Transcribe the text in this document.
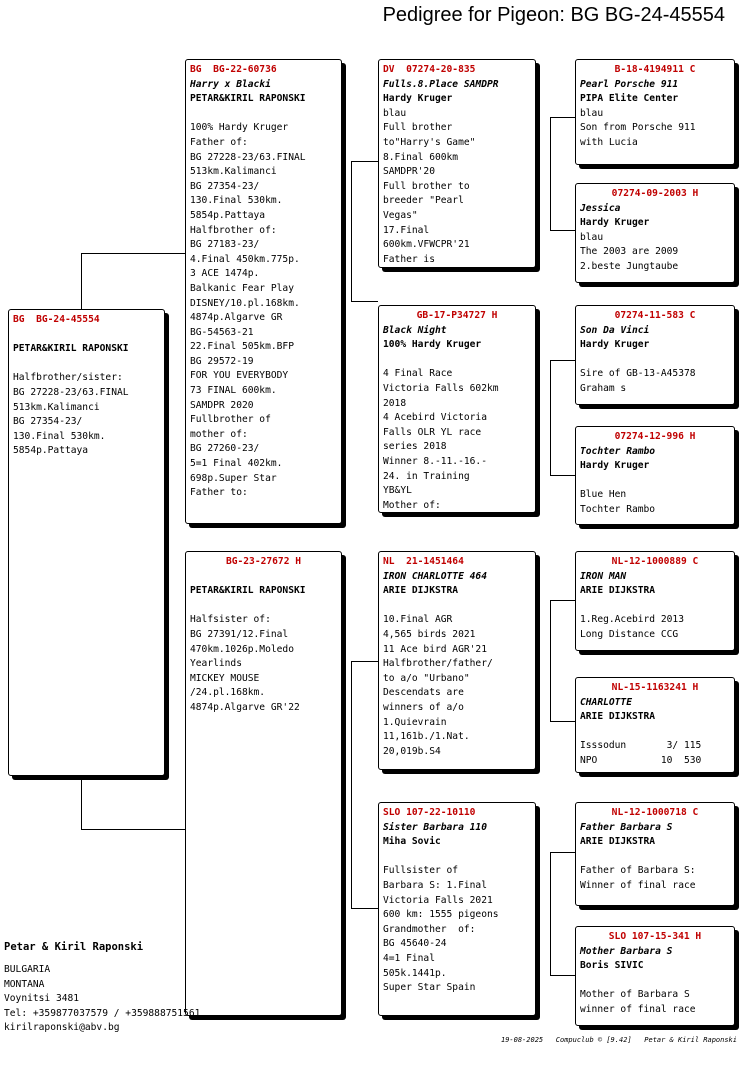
Pedigree for Pigeon: BG BG-24-45554
BG  BG-24-45554
PETAR&KIRIL RAPONSKI
Halfbrother/sister:
BG 27228-23/63.FINAL
513km.Kalimanci
BG 27354-23/
130.Final 530km.
5854p.Pattaya
BG  BG-22-60736
Harry x Blacki
PETAR&KIRIL RAPONSKI
100% Hardy Kruger
Father of:
BG 27228-23/63.FINAL
513km.Kalimanci
BG 27354-23/
130.Final 530km.
5854p.Pattaya
Halfbrother of:
BG 27183-23/
4.Final 450km.775p.
3 ACE 1474p.
Balkanic Fear Play
DISNEY/10.pl.168km.
4874p.Algarve GR
BG-54563-21
22.Final 505km.BFP
BG 29572-19
FOR YOU EVERYBODY
73 FINAL 600km.
SAMDPR 2020
Fullbrother of
mother of:
BG 27260-23/
5=1 Final 402km.
698p.Super Star
Father to:
BG-23-27672 H
PETAR&KIRIL RAPONSKI
Halfsister of:
BG 27391/12.Final
470km.1026p.Moledo
Yearlinds
MICKEY MOUSE
/24.pl.168km.
4874p.Algarve GR'22
DV  07274-20-835
Fulls.8.Place SAMDPR
Hardy Kruger
blau
Full brother
to"Harry's Game"
8.Final 600km
SAMDPR'20
Full brother to
breeder "Pearl
Vegas"
17.Final
600km.VFWCPR'21
Father is
GB-17-P34727 H
Black Night
100% Hardy Kruger
4 Final Race
Victoria Falls 602km
2018
4 Acebird Victoria
Falls OLR YL race
series 2018
Winner 8.-11.-16.-
24. in Training
YB&YL
Mother of:
NL  21-1451464
IRON CHARLOTTE 464
ARIE DIJKSTRA
10.Final AGR
4,565 birds 2021
11 Ace bird AGR'21
Halfbrother/father/
to a/o "Urbano"
Descendats are
winners of a/o
1.Quievrain
11,161b./1.Nat.
20,019b.S4
SLO 107-22-10110
Sister Barbara 110
Miha Sovic
Fullsister of
Barbara S: 1.Final
Victoria Falls 2021
600 km: 1555 pigeons
Grandmother  of:
BG 45640-24
4=1 Final
505k.1441p.
Super Star Spain
B-18-4194911 C
Pearl Porsche 911
PIPA Elite Center
blau
Son from Porsche 911
with Lucia
07274-09-2003 H
Jessica
Hardy Kruger
blau
The 2003 are 2009
2.beste Jungtaube
07274-11-583 C
Son Da Vinci
Hardy Kruger
Sire of GB-13-A45378
Graham s
07274-12-996 H
Tochter Rambo
Hardy Kruger
Blue Hen
Tochter Rambo
NL-12-1000889 C
IRON MAN
ARIE DIJKSTRA
1.Reg.Acebird 2013
Long Distance CCG
NL-15-1163241 H
CHARLOTTE
ARIE DIJKSTRA
Isssodun       3/ 115
NPO           10  530
NL-12-1000718 C
Father Barbara S
ARIE DIJKSTRA
Father of Barbara S:
Winner of final race
SLO 107-15-341 H
Mother Barbara S
Boris SIVIC
Mother of Barbara S
winner of final race
Petar & Kiril Raponski
BULGARIA
MONTANA
Voynitsi 3481
Tel: +359877037579 / +359888751561
kirilraponski@abv.bg
19-08-2025   Compuclub © [9.42]   Petar & Kiril Raponski
